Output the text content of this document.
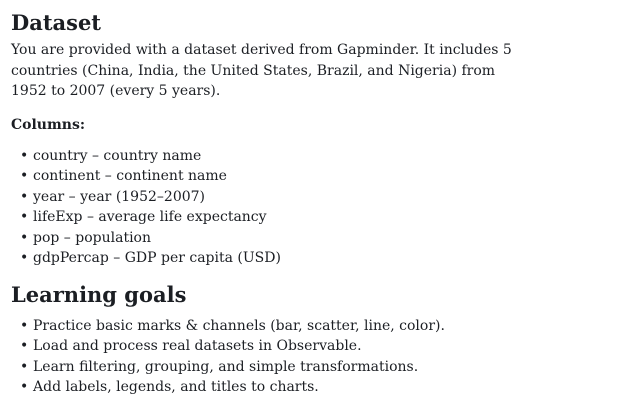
Dataset

You are provided with a dataset derived from Gapminder. It includes 5 countries (China, India, the United States, Brazil, and Nigeria) from 1952 to 2007 (every 5 years).

Columns:
• country – country name
• continent – continent name
• year – year (1952–2007)
• lifeExp – average life expectancy
• pop – population
• gdpPercap – GDP per capita (USD)
Learning goals
• Practice basic marks & channels (bar, scatter, line, color).
• Load and process real datasets in Observable.
• Learn filtering, grouping, and simple transformations.
• Add labels, legends, and titles to charts.
